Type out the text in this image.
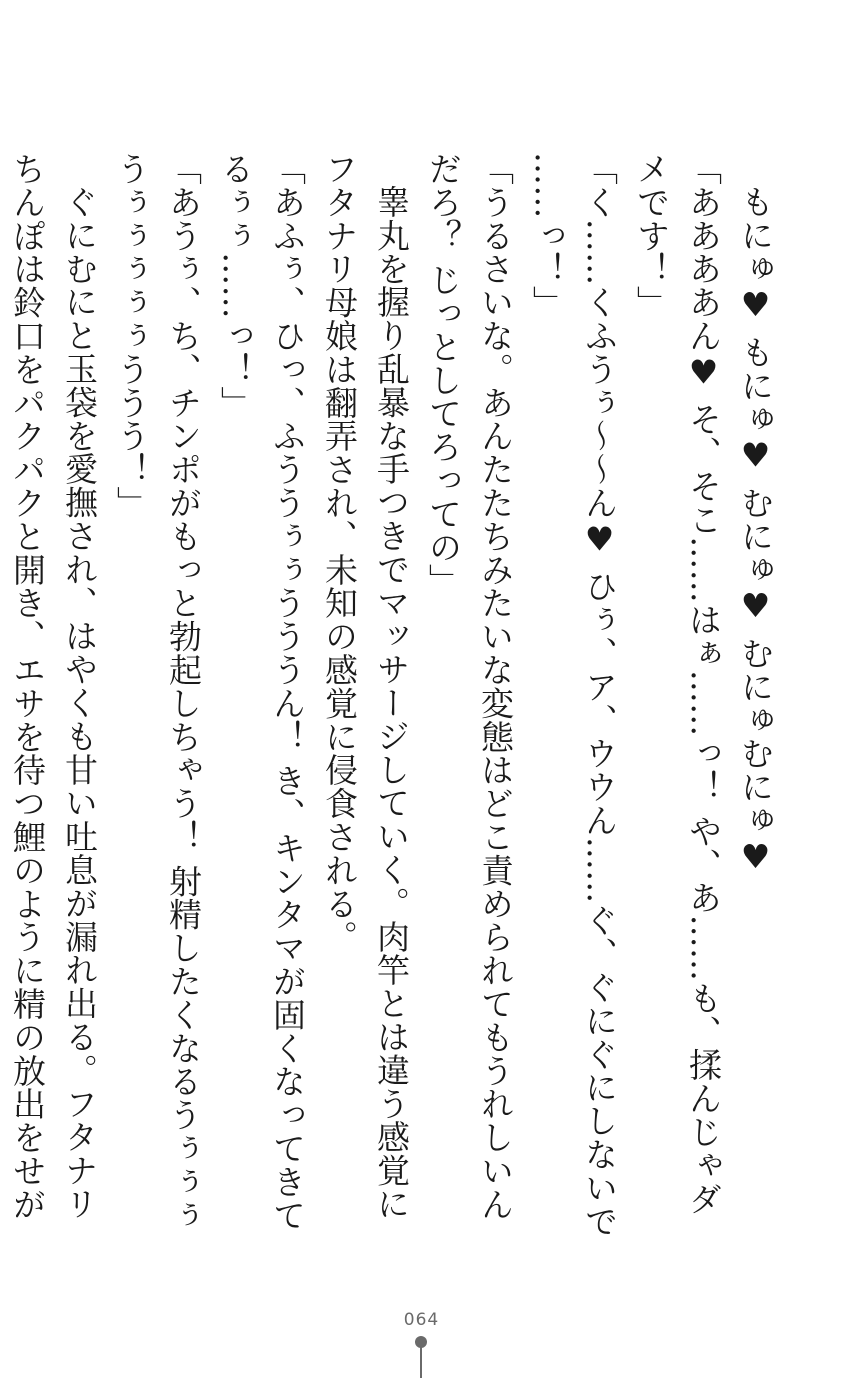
もにゅ♥ もにゅ♥ むにゅ♥ むにゅむにゅ♥
「ああああん♥ そ、そこ……はぁ……っ！ や、あ……も、揉んじゃダメです！」
「く……くふうぅ～～ん♥ ひぅ、ア、ウウん……ぐ、ぐにぐにしないで……っ！」
「うるさいな。あんたたちみたいな変態はどこ責められてもうれしいんだろ？ じっとしてろっての」
睾丸を握り乱暴な手つきでマッサージしていく。肉竿とは違う感覚にフタナリ母娘は翻弄され、未知の感覚に侵食される。
「あふぅ、ひっ、ふううぅぅうううん！ き、キンタマが固くなってきてるぅぅ……っ！」
「あうぅ、ち、チンポがもっと勃起しちゃう！ 射精したくなるうぅぅぅうぅぅぅぅぅううう！」
ぐにむにと玉袋を愛撫され、はやくも甘い吐息が漏れ出る。フタナリちんぽは鈴口をパクパクと開き、エサを待つ鯉のように精の放出をせが
064
